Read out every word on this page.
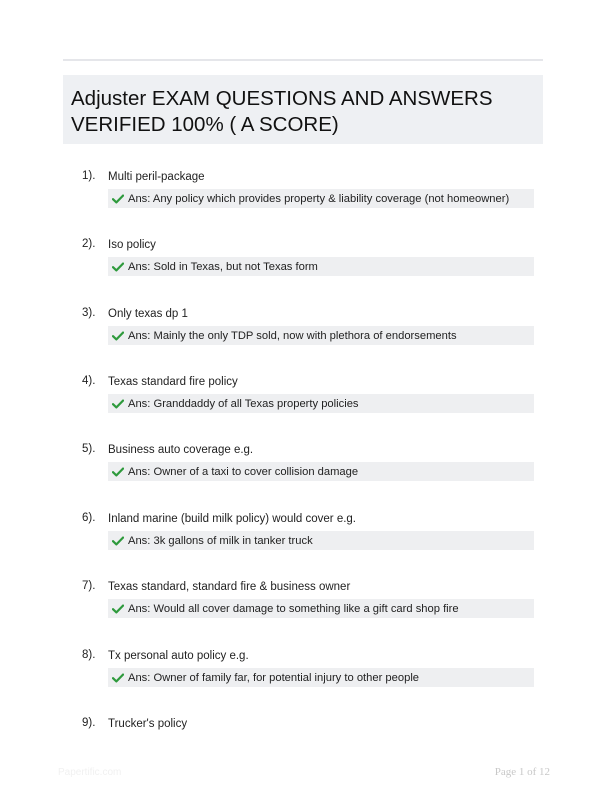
Adjuster EXAM QUESTIONS AND ANSWERS VERIFIED 100% ( A SCORE)
1). Multi peril-package
Ans: Any policy which provides property & liability coverage (not homeowner)
2). Iso policy
Ans: Sold in Texas, but not Texas form
3). Only texas dp 1
Ans: Mainly the only TDP sold, now with plethora of endorsements
4). Texas standard fire policy
Ans: Granddaddy of all Texas property policies
5). Business auto coverage e.g.
Ans: Owner of a taxi to cover collision damage
6). Inland marine (build milk policy) would cover e.g.
Ans: 3k gallons of milk in tanker truck
7). Texas standard, standard fire & business owner
Ans: Would all cover damage to something like a gift card shop fire
8). Tx personal auto policy e.g.
Ans: Owner of family far, for potential injury to other people
9). Trucker's policy
Papertific.com	Page 1 of 12
